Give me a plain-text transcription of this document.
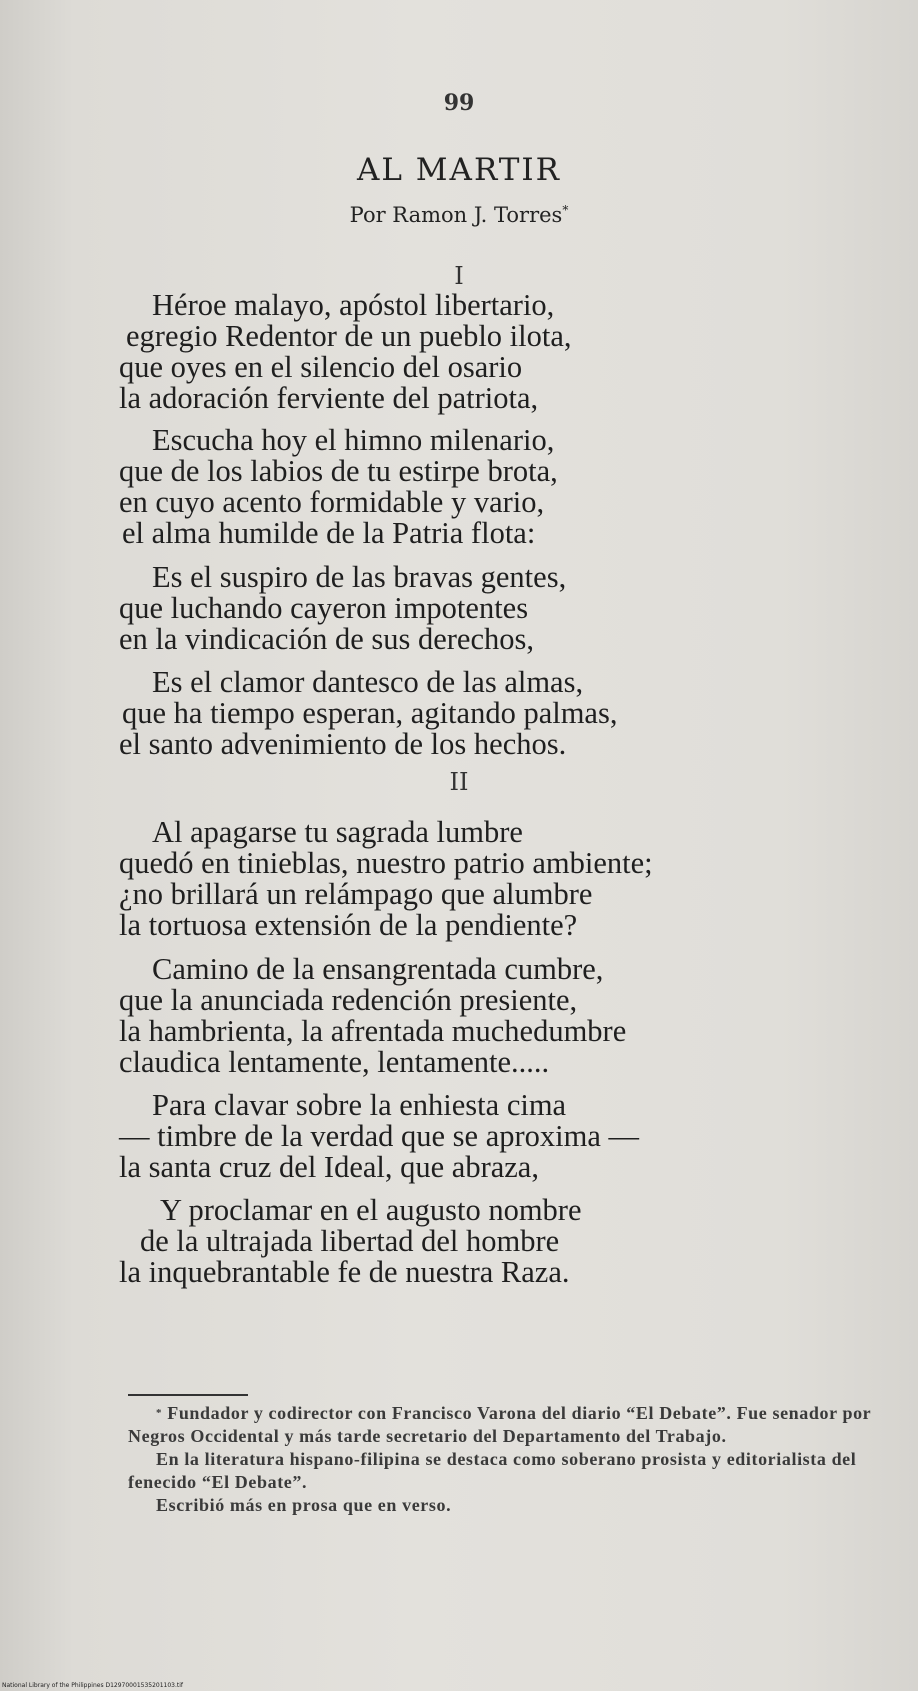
99
AL MARTIR
Por Ramon J. Torres*
I
Héroe malayo, apóstol libertario,
egregio Redentor de un pueblo ilota,
que oyes en el silencio del osario
la adoración ferviente del patriota,
Escucha hoy el himno milenario,
que de los labios de tu estirpe brota,
en cuyo acento formidable y vario,
el alma humilde de la Patria flota:
Es el suspiro de las bravas gentes,
que luchando cayeron impotentes
en la vindicación de sus derechos,
Es el clamor dantesco de las almas,
que ha tiempo esperan, agitando palmas,
el santo advenimiento de los hechos.
II
Al apagarse tu sagrada lumbre
quedó en tinieblas, nuestro patrio ambiente;
¿no brillará un relámpago que alumbre
la tortuosa extensión de la pendiente?
Camino de la ensangrentada cumbre,
que la anunciada redención presiente,
la hambrienta, la afrentada muchedumbre
claudica lentamente, lentamente.....
Para clavar sobre la enhiesta cima
— timbre de la verdad que se aproxima —
la santa cruz del Ideal, que abraza,
Y proclamar en el augusto nombre
de la ultrajada libertad del hombre
la inquebrantable fe de nuestra Raza.

* Fundador y codirector con Francisco Varona del diario “El Debate”. Fue senador por Negros Occidental y más tarde secretario del Departamento del Trabajo.

En la literatura hispano-filipina se destaca como soberano prosista y editorialista del fenecido “El Debate”.

Escribió más en prosa que en verso.

National Library of the Philippines D12970001535201103.tif
